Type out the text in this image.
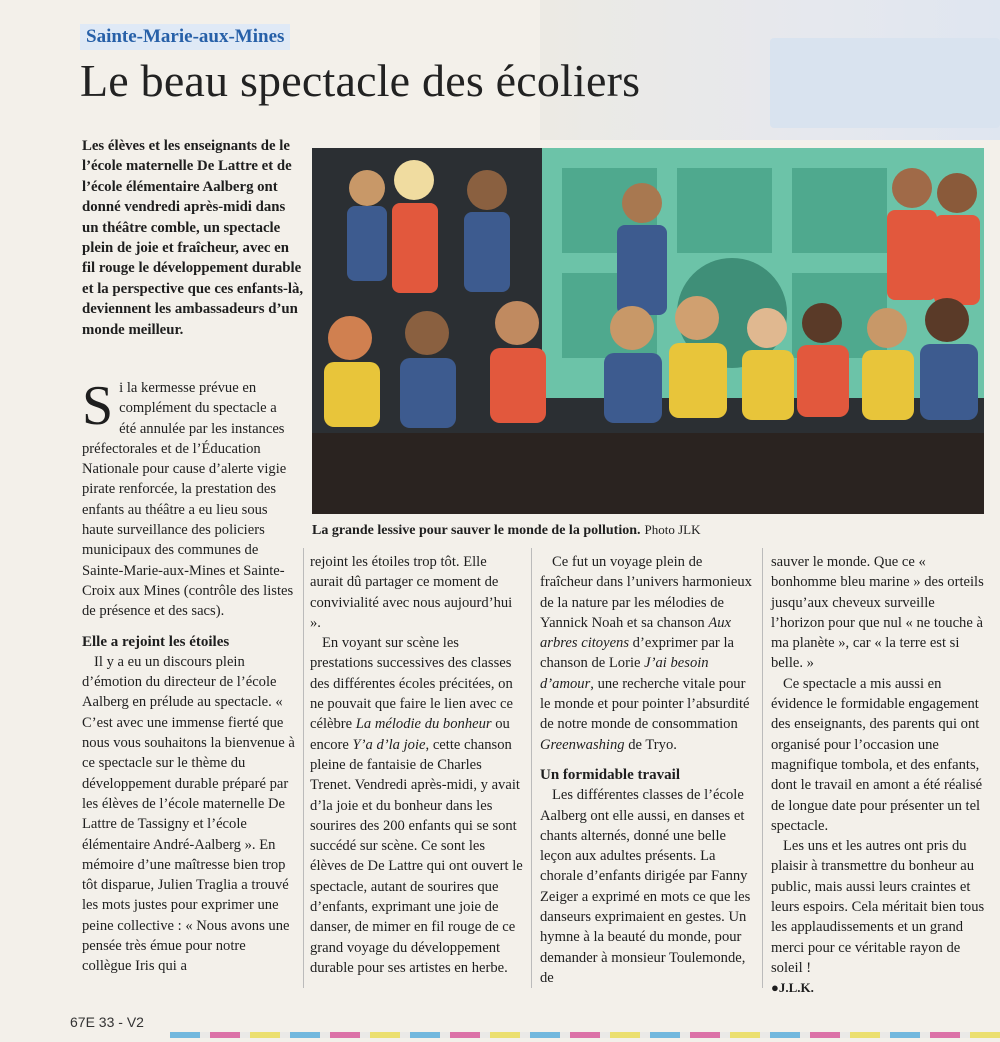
Sainte-Marie-aux-Mines
Le beau spectacle des écoliers

Les élèves et les enseignants de le l’école maternelle De Lattre et de l’école élémentaire Aalberg ont donné vendredi après-midi dans un théâtre comble, un spectacle plein de joie et fraîcheur, avec en fil rouge le développement durable et la perspective que ces enfants-là, deviennent les ambassadeurs d’un monde meilleur.

La grande lessive pour sauver le monde de la pollution. Photo JLK

Si la kermesse prévue en complément du spectacle a été annulée par les instances préfectorales et de l’Éducation Nationale pour cause d’alerte vigie pirate renforcée, la prestation des enfants au théâtre a eu lieu sous haute surveillance des policiers municipaux des communes de Sainte-Marie-aux-Mines et Sainte-Croix aux Mines (contrôle des listes de présence et des sacs).

Elle a rejoint les étoiles

Il y a eu un discours plein d’émotion du directeur de l’école Aalberg en prélude au spectacle. « C’est avec une immense fierté que nous vous souhaitons la bienvenue à ce spectacle sur le thème du développement durable préparé par les élèves de l’école maternelle De Lattre de Tassigny et l’école élémentaire André-Aalberg ». En mémoire d’une maîtresse bien trop tôt disparue, Julien Traglia a trouvé les mots justes pour exprimer une peine collective : « Nous avons une pensée très émue pour notre collègue Iris qui a

rejoint les étoiles trop tôt. Elle aurait dû partager ce moment de convivialité avec nous aujourd’hui ».

En voyant sur scène les prestations successives des classes des différentes écoles précitées, on ne pouvait que faire le lien avec ce célèbre La mélodie du bonheur ou encore Y’a d’la joie, cette chanson pleine de fantaisie de Charles Trenet. Vendredi après-midi, y avait d’la joie et du bonheur dans les sourires des 200 enfants qui se sont succédé sur scène. Ce sont les élèves de De Lattre qui ont ouvert le spectacle, autant de sourires que d’enfants, exprimant une joie de danser, de mimer en fil rouge de ce grand voyage du développement durable pour ses artistes en herbe.

Ce fut un voyage plein de fraîcheur dans l’univers harmonieux de la nature par les mélodies de Yannick Noah et sa chanson Aux arbres citoyens d’exprimer par la chanson de Lorie J’ai besoin d’amour, une recherche vitale pour le monde et pour pointer l’absurdité de notre monde de consommation Greenwashing de Tryo.

Un formidable travail

Les différentes classes de l’école Aalberg ont elle aussi, en danses et chants alternés, donné une belle leçon aux adultes présents. La chorale d’enfants dirigée par Fanny Zeiger a exprimé en mots ce que les danseurs exprimaient en gestes. Un hymne à la beauté du monde, pour demander à monsieur Toulemonde, de

sauver le monde. Que ce « bonhomme bleu marine » des orteils jusqu’aux cheveux surveille l’horizon pour que nul « ne touche à ma planète », car « la terre est si belle. »

Ce spectacle a mis aussi en évidence le formidable engagement des enseignants, des parents qui ont organisé pour l’occasion une magnifique tombola, et des enfants, dont le travail en amont a été réalisé de longue date pour présenter un tel spectacle.

Les uns et les autres ont pris du plaisir à transmettre du bonheur au public, mais aussi leurs craintes et leurs espoirs. Cela méritait bien tous les applaudissements et un grand merci pour ce véritable rayon de soleil !

●J.L.K.

67E 33 - V2
